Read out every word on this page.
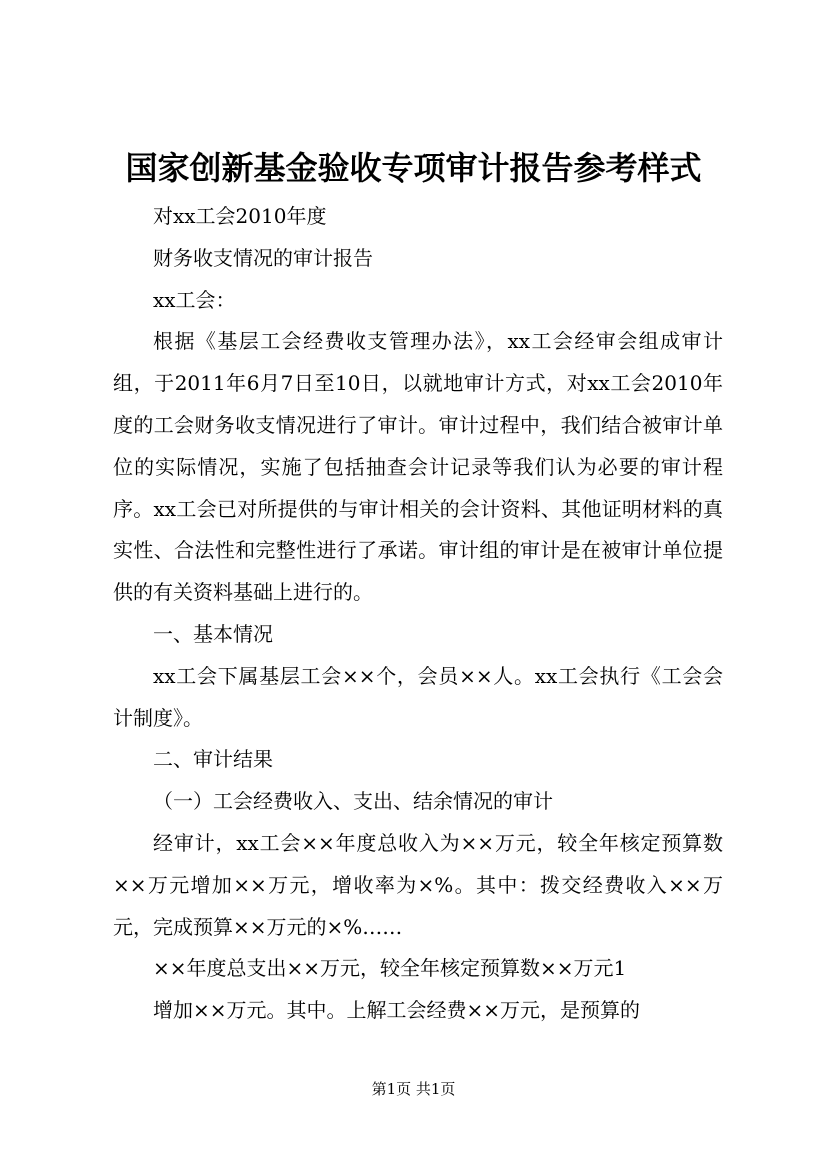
国家创新基金验收专项审计报告参考样式

对xx工会2010年度

财务收支情况的审计报告

xx工会：

根据《基层工会经费收支管理办法》，xx工会经审会组成审计组，于2011年6月7日至10日，以就地审计方式，对xx工会2010年度的工会财务收支情况进行了审计。审计过程中，我们结合被审计单位的实际情况，实施了包括抽查会计记录等我们认为必要的审计程序。xx工会已对所提供的与审计相关的会计资料、其他证明材料的真实性、合法性和完整性进行了承诺。审计组的审计是在被审计单位提供的有关资料基础上进行的。

一、基本情况

xx工会下属基层工会××个，会员××人。xx工会执行《工会会计制度》。

二、审计结果

（一）工会经费收入、支出、结余情况的审计

经审计，xx工会××年度总收入为××万元，较全年核定预算数××万元增加××万元，增收率为×%。其中：拨交经费收入××万元，完成预算××万元的×%……

××年度总支出××万元，较全年核定预算数××万元1

增加××万元。其中。上解工会经费××万元，是预算的

第1页 共1页
